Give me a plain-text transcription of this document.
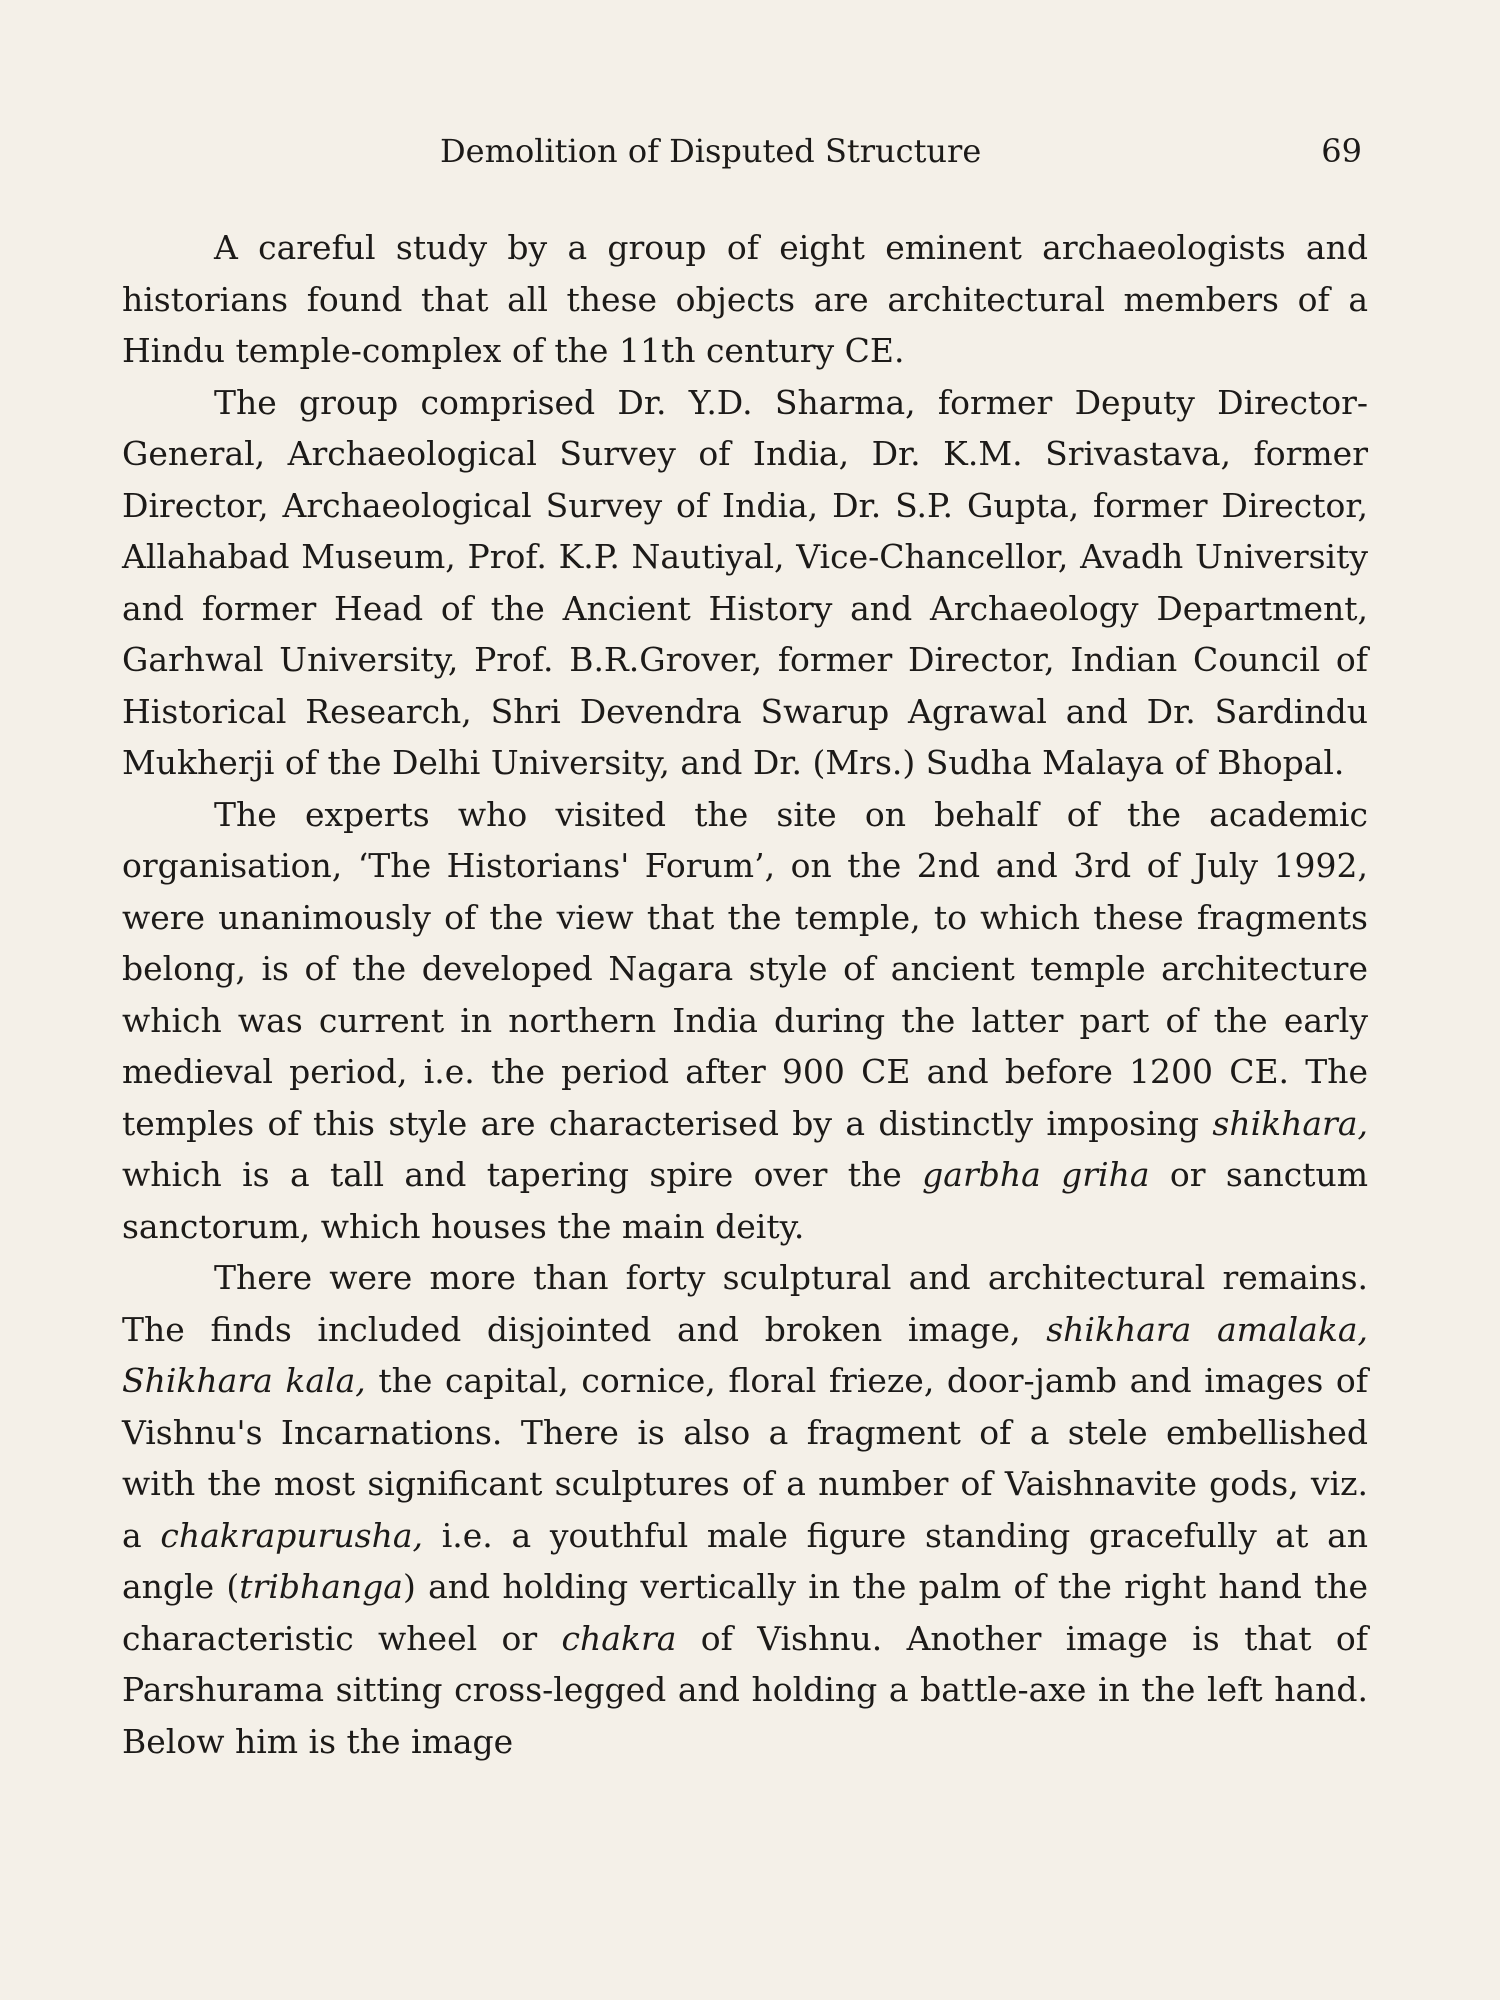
Demolition of Disputed Structure	69

A careful study by a group of eight eminent archaeologists and historians found that all these objects are architectural members of a Hindu temple-complex of the 11th century CE.

The group comprised Dr. Y.D. Sharma, former Deputy Director-General, Archaeological Survey of India, Dr. K.M. Srivastava, former Director, Archaeological Survey of India, Dr. S.P. Gupta, former Director, Allahabad Museum, Prof. K.P. Nautiyal, Vice-Chancellor, Avadh University and former Head of the Ancient History and Archaeology Department, Garhwal University, Prof. B.R.Grover, former Director, Indian Council of Historical Research, Shri Devendra Swarup Agrawal and Dr. Sardindu Mukherji of the Delhi University, and Dr. (Mrs.) Sudha Malaya of Bhopal.

The experts who visited the site on behalf of the academic organisation, ‘The Historians' Forum’, on the 2nd and 3rd of July 1992, were unanimously of the view that the temple, to which these fragments belong, is of the developed Nagara style of ancient temple architecture which was current in northern India during the latter part of the early medieval period, i.e. the period after 900 CE and before 1200 CE. The temples of this style are characterised by a distinctly imposing shikhara, which is a tall and tapering spire over the garbha griha or sanctum sanctorum, which houses the main deity.

There were more than forty sculptural and architectural remains. The finds included disjointed and broken image, shikhara amalaka, Shikhara kala, the capital, cornice, floral frieze, door-jamb and images of Vishnu's Incarnations. There is also a fragment of a stele embellished with the most significant sculptures of a number of Vaishnavite gods, viz. a chakrapurusha, i.e. a youthful male figure standing gracefully at an angle (tribhanga) and holding vertically in the palm of the right hand the characteristic wheel or chakra of Vishnu. Another image is that of Parshurama sitting cross-legged and holding a battle-axe in the left hand. Below him is the image
